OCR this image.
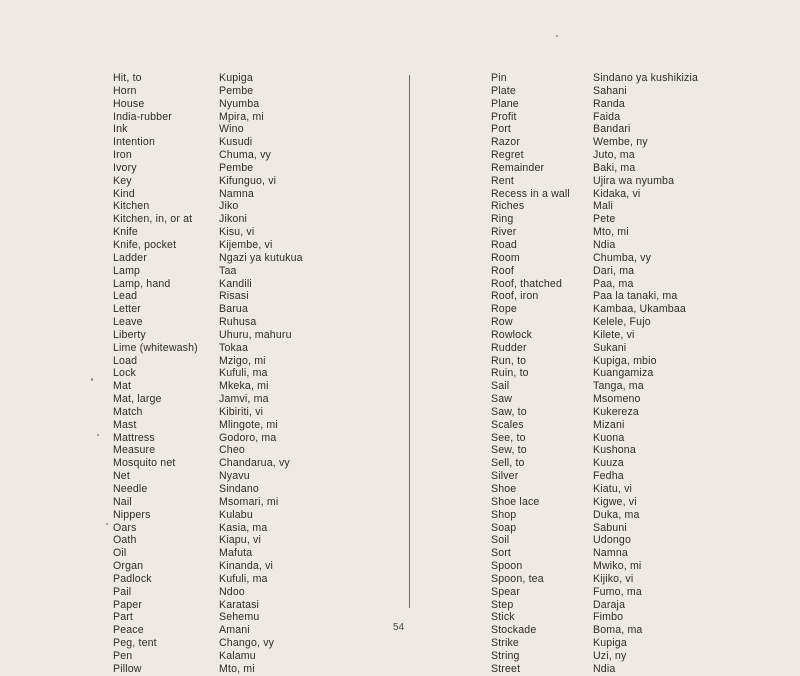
Hit, to
Horn
House
India-rubber
Ink
Intention
Iron
Ivory
Key
Kind
Kitchen
Kitchen, in, or at
Knife
Knife, pocket
Ladder
Lamp
Lamp, hand
Lead
Letter
Leave
Liberty
Lime (whitewash)
Load
Lock
Mat
Mat, large
Match
Mast
Mattress
Measure
Mosquito net
Net
Needle
Nail
Nippers
Oars
Oath
Oil
Organ
Padlock
Pail
Paper
Part
Peace
Peg, tent
Pen
Pillow
Kupiga
Pembe
Nyumba
Mpira, mi
Wino
Kusudi
Chuma, vy
Pembe
Kifunguo, vi
Namna
Jiko
Jikoni
Kisu, vi
Kijembe, vi
Ngazi ya kutukua
Taa
Kandili
Risasi
Barua
Ruhusa
Uhuru, mahuru
Tokaa
Mzigo, mi
Kufuli, ma
Mkeka, mi
Jamvi, ma
Kibiriti, vi
Mlingote, mi
Godoro, ma
Cheo
Chandarua, vy
Nyavu
Sindano
Msomari, mi
Kulabu
Kasia, ma
Kiapu, vi
Mafuta
Kinanda, vi
Kufuli, ma
Ndoo
Karatasi
Sehemu
Amani
Chango, vy
Kalamu
Mto, mi
Pin
Plate
Plane
Profit
Port
Razor
Regret
Remainder
Rent
Recess in a wall
Riches
Ring
River
Road
Room
Roof
Roof, thatched
Roof, iron
Rope
Row
Rowlock
Rudder
Run, to
Ruin, to
Sail
Saw
Saw, to
Scales
See, to
Sew, to
Sell, to
Silver
Shoe
Shoe lace
Shop
Soap
Soil
Sort
Spoon
Spoon, tea
Spear
Step
Stick
Stockade
Strike
String
Street
Sindano ya kushikizia
Sahani
Randa
Faida
Bandari
Wembe, ny
Juto, ma
Baki, ma
Ujira wa nyumba
Kidaka, vi
Mali
Pete
Mto, mi
Ndia
Chumba, vy
Dari, ma
Paa, ma
Paa la tanaki, ma
Kambaa, Ukambaa
Kelele, Fujo
Kilete, vi
Sukani
Kupiga, mbio
Kuangamiza
Tanga, ma
Msomeno
Kukereza
Mizani
Kuona
Kushona
Kuuza
Fedha
Kiatu, vi
Kigwe, vi
Duka, ma
Sabuni
Udongo
Namna
Mwiko, mi
Kijiko, vi
Fumo, ma
Daraja
Fimbo
Boma, ma
Kupiga
Uzi, ny
Ndia
54
